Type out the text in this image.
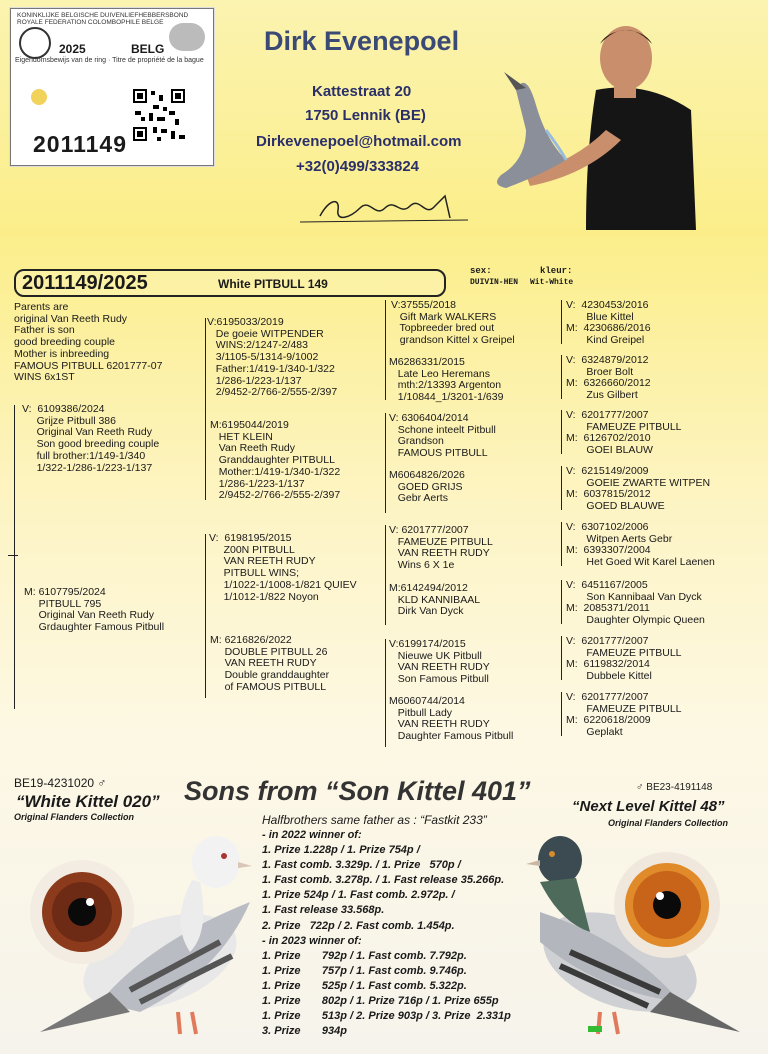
KONINKLIJKE BELGISCHE DUIVENLIEFHEBBERSBOND
ROYALE FEDERATION COLOMBOPHILE BELGE
2025	BELG
Eigendomsbewijs van de ring · Titre de propriété de la bague
2011149
Dirk Evenepoel
Kattestraat 20
1750 Lennik (BE)
Dirkevenepoel@hotmail.com
+32(0)499/333824
2011149/2025	White PITBULL 149
sex:
DUIVIN-HEN
kleur:
Wit-White
Parents are
original Van Reeth Rudy
Father is son
good breeding couple
Mother is inbreeding
FAMOUS PITBULL 6201777-07
WINS 6x1ST
V:  6109386/2024
Grijze Pitbull 386
Original Van Reeth Rudy
Son good breeding couple
full brother:1/149-1/340
1/322-1/286-1/223-1/137
M: 6107795/2024
PITBULL 795
Original Van Reeth Rudy
Grdaughter Famous Pitbull
V:6195033/2019
De goeie WITPENDER
WINS:2/1247-2/483
3/1105-5/1314-9/1002
Father:1/419-1/340-1/322
1/286-1/223-1/137
2/9452-2/766-2/555-2/397
M:6195044/2019
HET KLEIN
Van Reeth Rudy
Granddaughter PITBULL
Mother:1/419-1/340-1/322
1/286-1/223-1/137
2/9452-2/766-2/555-2/397
V:  6198195/2015
Z00N PITBULL
VAN REETH RUDY
PITBULL WINS;
1/1022-1/1008-1/821 QUIEV
1/1012-1/822 Noyon
M: 6216826/2022
DOUBLE PITBULL 26
VAN REETH RUDY
Double granddaughter
of FAMOUS PITBULL
V:37555/2018
Gift Mark WALKERS
Topbreeder bred out
grandson Kittel x Greipel
M6286331/2015
Late Leo Heremans
mth:2/13393 Argenton
1/10844_1/3201-1/639
V: 6306404/2014
Schone inteelt Pitbull
Grandson
FAMOUS PITBULL
M6064826/2026
GOED GRIJS
Gebr Aerts
V: 6201777/2007
FAMEUZE PITBULL
VAN REETH RUDY
Wins 6 X 1e
M:6142494/2012
KLD KANNIBAAL
Dirk Van Dyck
V:6199174/2015
Nieuwe UK Pitbull
VAN REETH RUDY
Son Famous Pitbull
M6060744/2014
Pitbull Lady
VAN REETH RUDY
Daughter Famous Pitbull
V:  4230453/2016
Blue Kittel
M:  4230686/2016
Kind Greipel
V:  6324879/2012
Broer Bolt
M:  6326660/2012
Zus Gilbert
V:  6201777/2007
FAMEUZE PITBULL
M:  6126702/2010
GOEI BLAUW
V:  6215149/2009
GOEIE ZWARTE WITPEN
M:  6037815/2012
GOED BLAUWE
V:  6307102/2006
Witpen Aerts Gebr
M:  6393307/2004
Het Goed Wit Karel Laenen
V:  6451167/2005
Son Kannibaal Van Dyck
M:  2085371/2011
Daughter Olympic Queen
V:  6201777/2007
FAMEUZE PITBULL
M:  6119832/2014
Dubbele Kittel
V:  6201777/2007
FAMEUZE PITBULL
M:  6220618/2009
Geplakt
BE19-4231020 ♂
“White Kittel 020”
Original Flanders Collection
♂ BE23-4191148
“Next Level Kittel 48”
Original Flanders Collection
Sons from “Son Kittel 401”
Halfbrothers same father as : “Fastkit 233”
- in 2022 winner of:
1. Prize 1.228p / 1. Prize 754p /
1. Fast comb. 3.329p. / 1. Prize   570p /
1. Fast comb. 3.278p. / 1. Fast release 35.266p.
1. Prize 524p / 1. Fast comb. 2.972p. /
1. Fast release 33.568p.
2. Prize   722p / 2. Fast comb. 1.454p.
- in 2023 winner of:
1. Prize       792p / 1. Fast comb. 7.792p.
1. Prize       757p / 1. Fast comb. 9.746p.
1. Prize       525p / 1. Fast comb. 5.322p.
1. Prize       802p / 1. Prize 716p / 1. Prize 655p
1. Prize       513p / 2. Prize 903p / 3. Prize  2.331p
3. Prize       934p
